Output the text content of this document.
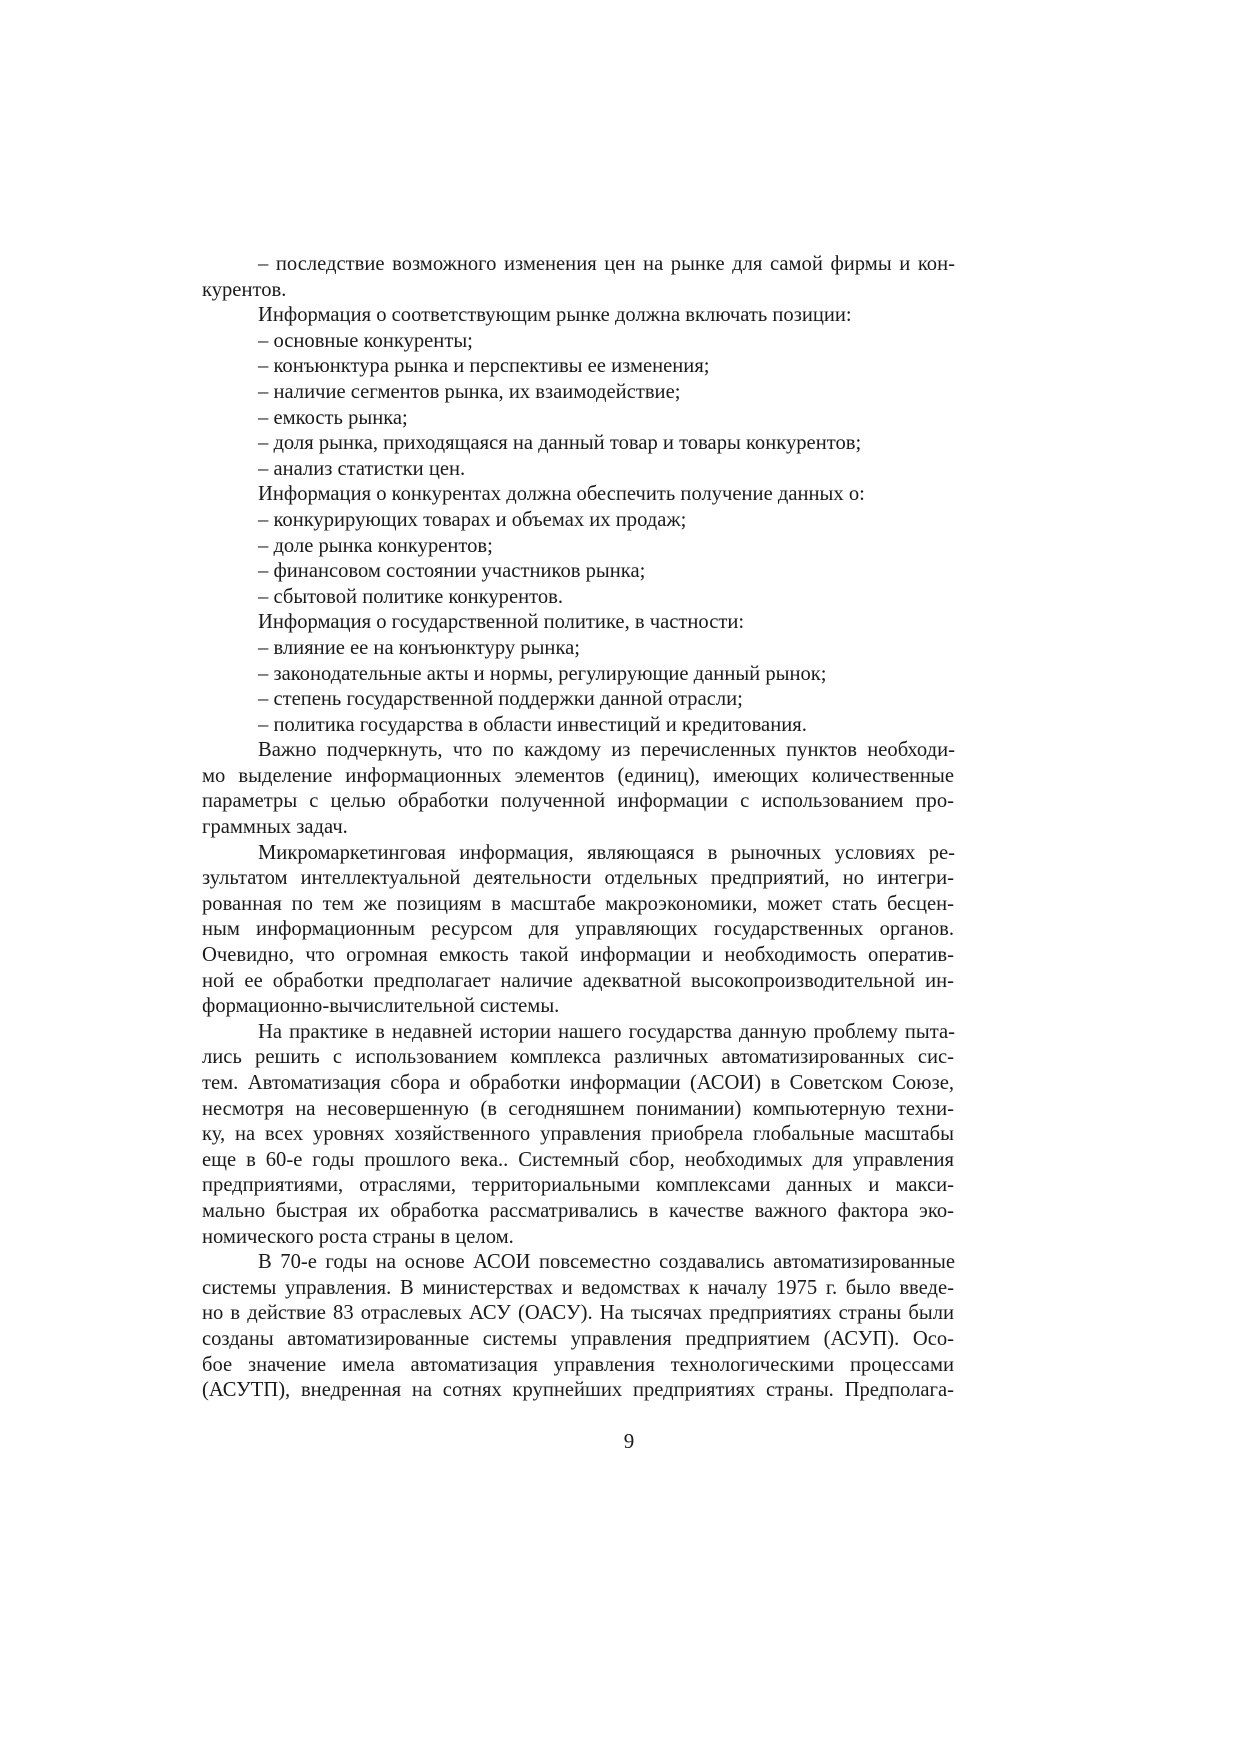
– последствие возможного изменения цен на рынке для самой фирмы и кон-
курентов.
Информация о соответствующим рынке должна включать позиции:
– основные конкуренты;
– конъюнктура рынка и перспективы ее изменения;
– наличие сегментов рынка, их взаимодействие;
– емкость рынка;
– доля рынка, приходящаяся на данный товар и товары конкурентов;
– анализ статистки цен.
Информация о конкурентах должна обеспечить получение данных о:
– конкурирующих товарах и объемах их продаж;
– доле рынка конкурентов;
– финансовом состоянии участников рынка;
– сбытовой политике конкурентов.
Информация о государственной политике, в частности:
– влияние ее на конъюнктуру рынка;
– законодательные акты и нормы, регулирующие данный рынок;
– степень государственной поддержки данной отрасли;
– политика государства в области инвестиций и кредитования.
Важно подчеркнуть, что по каждому из перечисленных пунктов необходи-
мо выделение информационных элементов (единиц), имеющих количественные
параметры с целью обработки полученной информации с использованием про-
граммных задач.
Микромаркетинговая информация, являющаяся в рыночных условиях ре-
зультатом интеллектуальной деятельности отдельных предприятий, но интегри-
рованная по тем же позициям в масштабе макроэкономики, может стать бесцен-
ным информационным ресурсом для управляющих государственных органов.
Очевидно, что огромная емкость такой информации и необходимость оператив-
ной ее обработки предполагает наличие адекватной высокопроизводительной ин-
формационно-вычислительной системы.
На практике в недавней истории нашего государства данную проблему пыта-
лись решить с использованием комплекса различных автоматизированных сис-
тем. Автоматизация сбора и обработки информации (АСОИ) в Советском Союзе,
несмотря на несовершенную (в сегодняшнем понимании) компьютерную техни-
ку, на всех уровнях хозяйственного управления приобрела глобальные масштабы
еще в 60-е годы прошлого века.. Системный сбор, необходимых для управления
предприятиями, отраслями, территориальными комплексами данных и макси-
мально быстрая их обработка рассматривались в качестве важного фактора эко-
номического роста страны в целом.
В 70-е годы на основе АСОИ повсеместно создавались автоматизированные
системы управления. В министерствах и ведомствах к началу 1975 г. было введе-
но в действие 83 отраслевых АСУ (ОАСУ). На тысячах предприятиях страны были
созданы автоматизированные системы управления предприятием (АСУП). Осо-
бое значение имела автоматизация управления технологическими процессами
(АСУТП), внедренная на сотнях крупнейших предприятиях страны. Предполага-
9
